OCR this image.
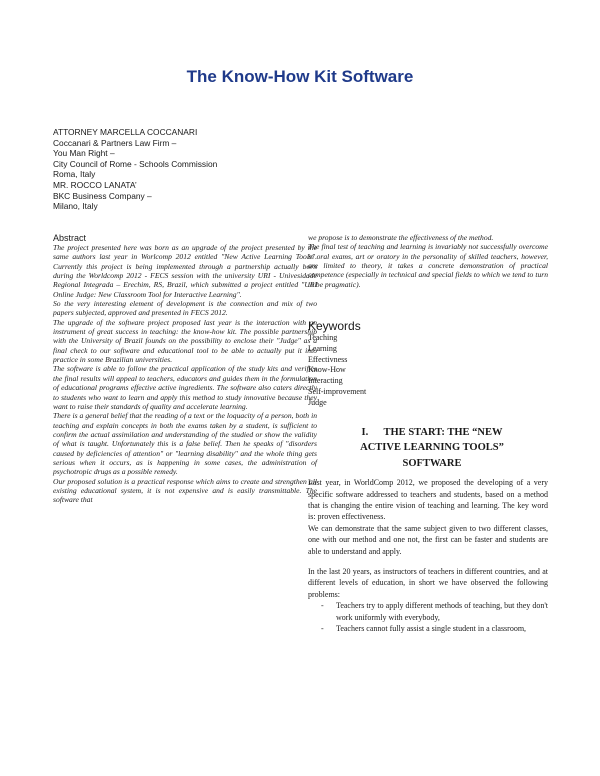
The Know-How Kit Software
ATTORNEY MARCELLA COCCANARI
Coccanari & Partners Law Firm –
You Man Right –
City Council of Rome - Schools Commission
Roma, Italy
MR. ROCCO LANATA’
BKC Business Company –
Milano, Italy
Abstract

The project presented here was born as an upgrade of the project presented by the same authors last year in Worlcomp 2012 entitled "New Active Learning Tools". Currently this project is being implemented through a partnership actually born during the Worldcomp 2012 - FECS session with the university URI - Univesidade Regional Integrada – Erechim, RS, Brazil, which submitted a project entitled "URI Online Judge: New Classroom Tool for Interactive Learning".

So the very interesting element of development is the connection and mix of two papers subjected, approved and presented in FECS 2012.

The upgrade of the software project proposed last year is the interaction with an instrument of great success in teaching: the know-how kit. The possible partnership with the University of Brazil founds on the possibility to enclose their "Judge" as a final check to our software and educational tool to be able to actually put it into practice in some Brazilian universities.

The software is able to follow the practical application of the study kits and verifies the final results will appeal to teachers, educators and guides them in the formulation of educational programs effective active ingredients. The software also caters directly to students who want to learn and apply this method to study innovative because they want to raise their standards of quality and accelerate learning.

There is a general belief that the reading of a text or the loquacity of a person, both in teaching and explain concepts in both the exams taken by a student, is sufficient to confirm the actual assimilation and understanding of the studied or show the validity of what is taught. Unfortunately this is a false belief. Then he speaks of "disorders caused by deficiencies of attention" or "learning disability" and the whole thing gets serious when it occurs, as is happening in some cases, the administration of psychotropic drugs as a possible remedy.

Our proposed solution is a practical response which aims to create and strengthen all existing educational system, it is not expensive and is easily transmittable. The software that

we propose is to demonstrate the effectiveness of the method.

The final test of teaching and learning is invariably not successfully overcome in oral exams, art or oratory in the personality of skilled teachers, however, are limited to theory, it takes a concrete demonstration of practical competence (especially in technical and special fields to which we tend to turn to be pragmatic).

Keywords
Teaching
Learning
Effectivness
Know-How
Interacting
Self-improvement
Judge
I. THE START: THE “NEW
ACTIVE LEARNING TOOLS”
SOFTWARE

Last year, in WorldComp 2012, we proposed the developing of a very specific software addressed to teachers and students, based on a method that is changing the entire vision of teaching and learning. The key word is: proven effectiveness.

We can demonstrate that the same subject given to two different classes, one with our method and one not, the first can be faster and students are able to understand and apply.

In the last 20 years, as instructors of teachers in different countries, and at different levels of education, in short we have observed the following problems:

- Teachers try to apply different methods of teaching, but they don't work uniformly with everybody,
- Teachers cannot fully assist a single student in a classroom,
